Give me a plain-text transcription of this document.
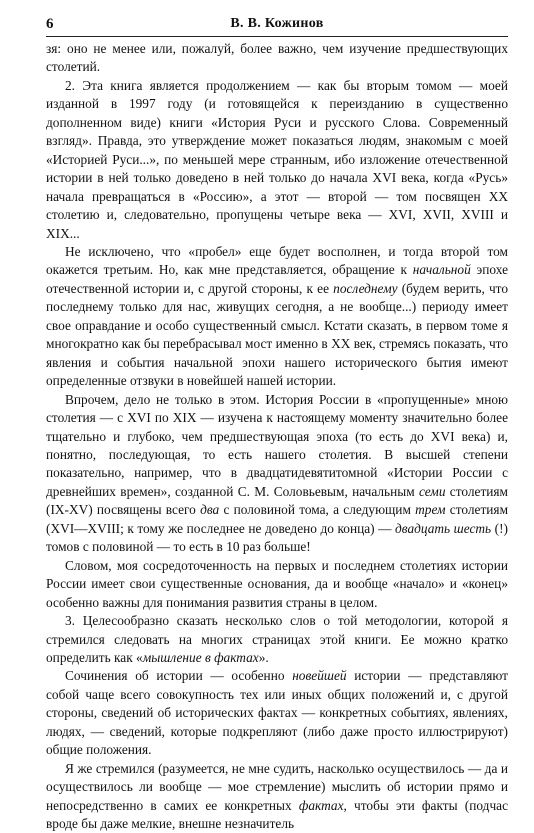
6	В. В. Кожинов

зя: оно не менее или, пожалуй, более важно, чем изучение предшествующих столетий.

2. Эта книга является продолжением — как бы вторым томом — моей изданной в 1997 году (и готовящейся к переизданию в существенно дополненном виде) книги «История Руси и русского Слова. Современный взгляд». Правда, это утверждение может показаться людям, знакомым с моей «Историей Руси...», по меньшей мере странным, ибо изложение отечественной истории в ней только доведено в ней только до начала XVI века, когда «Русь» начала превращаться в «Россию», а этот — второй — том посвящен XX столетию и, следовательно, пропущены четыре века — XVI, XVII, XVIII и XIX...

Не исключено, что «пробел» еще будет восполнен, и тогда второй том окажется третьим. Но, как мне представляется, обращение к начальной эпохе отечественной истории и, с другой стороны, к ее последнему (будем верить, что последнему только для нас, живущих сегодня, а не вообще...) периоду имеет свое оправдание и особо существенный смысл. Кстати сказать, в первом томе я многократно как бы перебрасывал мост именно в XX век, стремясь показать, что явления и события начальной эпохи нашего исторического бытия имеют определенные отзвуки в новейшей нашей истории.

Впрочем, дело не только в этом. История России в «пропущенные» мною столетия — с XVI по XIX — изучена к настоящему моменту значительно более тщательно и глубоко, чем предшествующая эпоха (то есть до XVI века) и, понятно, последующая, то есть нашего столетия. В высшей степени показательно, например, что в двадцатидевятитомной «Истории России с древнейших времен», созданной С. М. Соловьевым, начальным семи столетиям (IX-XV) посвящены всего два с половиной тома, а следующим трем столетиям (XVI—XVIII; к тому же последнее не доведено до конца) — двадцать шесть (!) томов с половиной — то есть в 10 раз больше!

Словом, моя сосредоточенность на первых и последнем столетиях истории России имеет свои существенные основания, да и вообще «начало» и «конец» особенно важны для понимания развития страны в целом.

3. Целесообразно сказать несколько слов о той методологии, которой я стремился следовать на многих страницах этой книги. Ее можно кратко определить как «мышление в фактах».

Сочинения об истории — особенно новейшей истории — представляют собой чаще всего совокупность тех или иных общих положений и, с другой стороны, сведений об исторических фактах — конкретных событиях, явлениях, людях, — сведений, которые подкрепляют (либо даже просто иллюстрируют) общие положения.

Я же стремился (разумеется, не мне судить, насколько осуществилось — да и осуществилось ли вообще — мое стремление) мыслить об истории прямо и непосредственно в самих ее конкретных фактах, чтобы эти факты (подчас вроде бы даже мелкие, внешне незначитель
